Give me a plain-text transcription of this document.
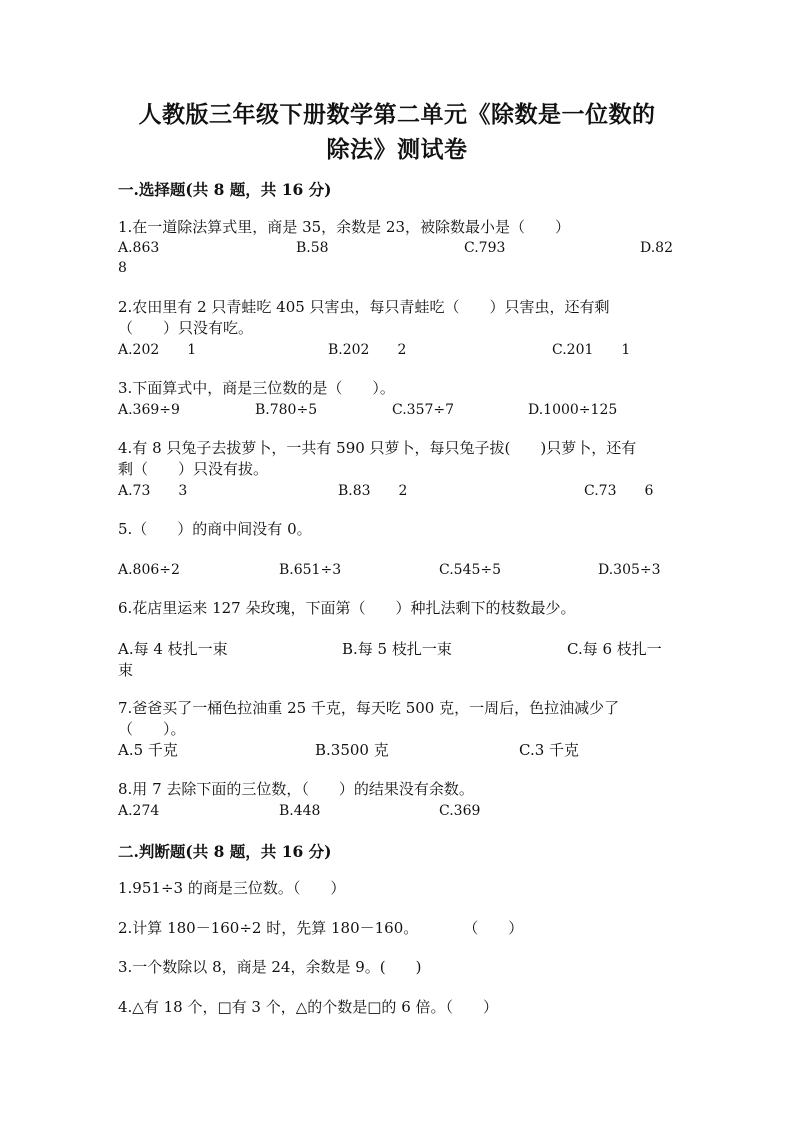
人教版三年级下册数学第二单元《除数是一位数的
除法》测试卷
一.选择题(共 8 题，共 16 分)
1.在一道除法算式里，商是 35，余数是 23，被除数最小是（　　）
A.863	B.58	C.793	D.82
8
2.农田里有 2 只青蛙吃 405 只害虫，每只青蛙吃（　　）只害虫，还有剩
（　　）只没有吃。
A.202　　1	B.202　　2	C.201　　1
3.下面算式中，商是三位数的是（　　）。
A.369÷9	B.780÷5	C.357÷7	D.1000÷125
4.有 8 只兔子去拔萝卜，一共有 590 只萝卜，每只兔子拔(　　)只萝卜，还有
剩（　　）只没有拔。
A.73　　3	B.83　　2	C.73　　6
5.（　　）的商中间没有 0。
A.806÷2	B.651÷3	C.545÷5	D.305÷3
6.花店里运来 127 朵玫瑰，下面第（　　）种扎法剩下的枝数最少。
A.每 4 枝扎一束	B.每 5 枝扎一束	C.每 6 枝扎一
束
7.爸爸买了一桶色拉油重 25 千克，每天吃 500 克，一周后，色拉油减少了
（　　）。
A.5 千克	B.3500 克	C.3 千克
8.用 7 去除下面的三位数，（　　）的结果没有余数。
A.274	B.448	C.369
二.判断题(共 8 题，共 16 分)
1.951÷3 的商是三位数。（　　）
2.计算 180－160÷2 时，先算 180－160。　　　　（　　）
3.一个数除以 8，商是 24，余数是 9。(　　)
4.△有 18 个，□有 3 个，△的个数是□的 6 倍。（　　）
